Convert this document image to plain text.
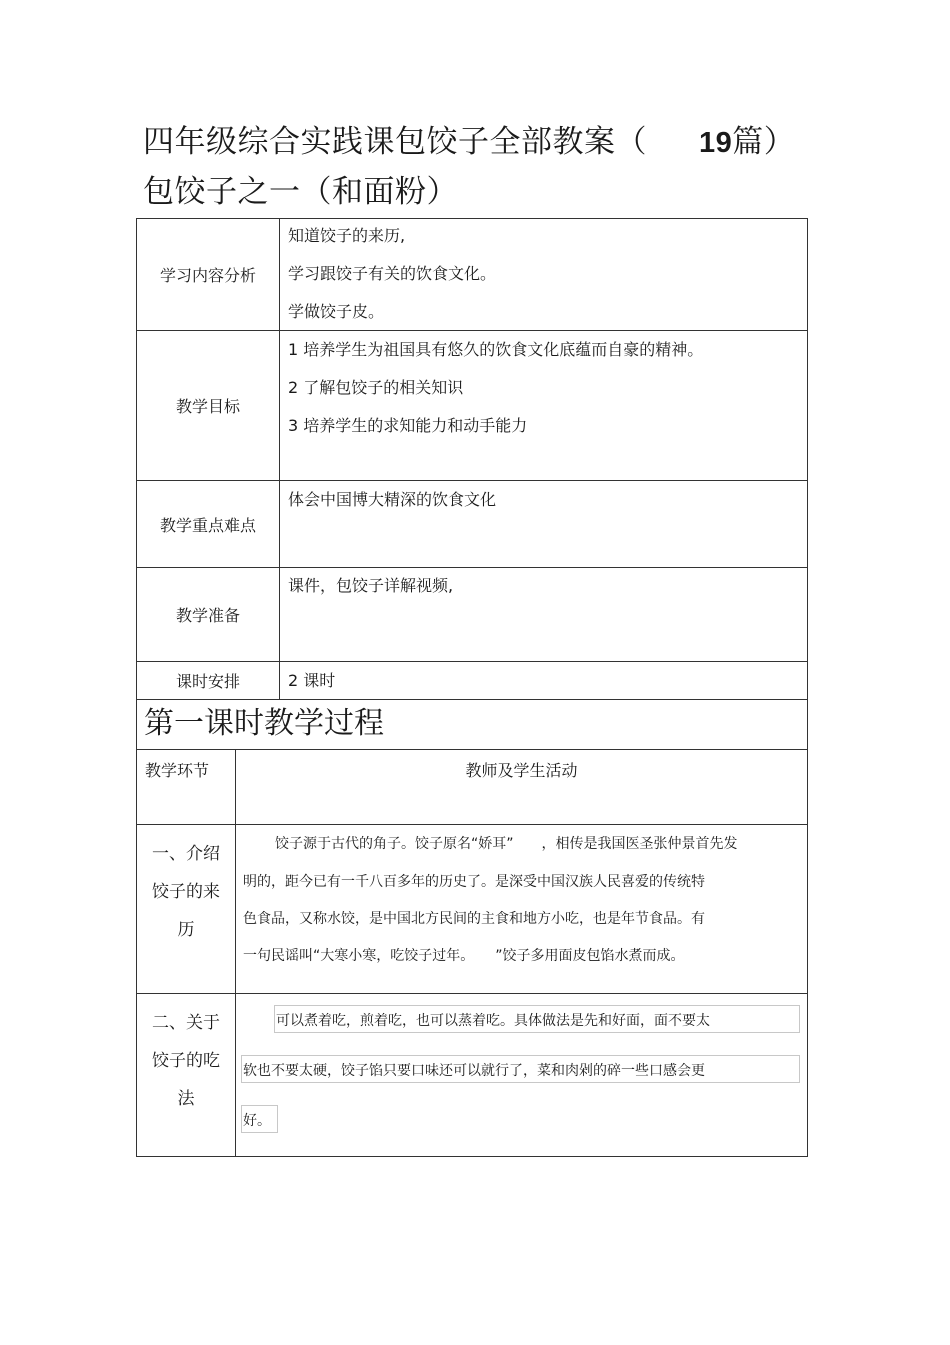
四年级综合实践课包饺子全部教案（ 19篇）
包饺子之一（和面粉）
学习内容分析
知道饺子的来历,
学习跟饺子有关的饮食文化。
学做饺子皮。
教学目标
1 培养学生为祖国具有悠久的饮食文化底蕴而自豪的精神。
2 了解包饺子的相关知识
3 培养学生的求知能力和动手能力
教学重点难点
体会中国博大精深的饮食文化
教学准备
课件，包饺子详解视频,
课时安排	2 课时
第一课时教学过程
教学环节	教师及学生活动
一、介绍
饺子的来
历
饺子源于古代的角子。饺子原名“娇耳”　　，相传是我国医圣张仲景首先发
明的，距今已有一千八百多年的历史了。是深受中国汉族人民喜爱的传统特
色食品，又称水饺，是中国北方民间的主食和地方小吃，也是年节食品。有
一句民谣叫“大寒小寒，吃饺子过年。　　”饺子多用面皮包馅水煮而成。
二、关于
饺子的吃
法
可以煮着吃，煎着吃，也可以蒸着吃。具体做法是先和好面，面不要太
软也不要太硬，饺子馅只要口味还可以就行了，菜和肉剁的碎一些口感会更
好。
